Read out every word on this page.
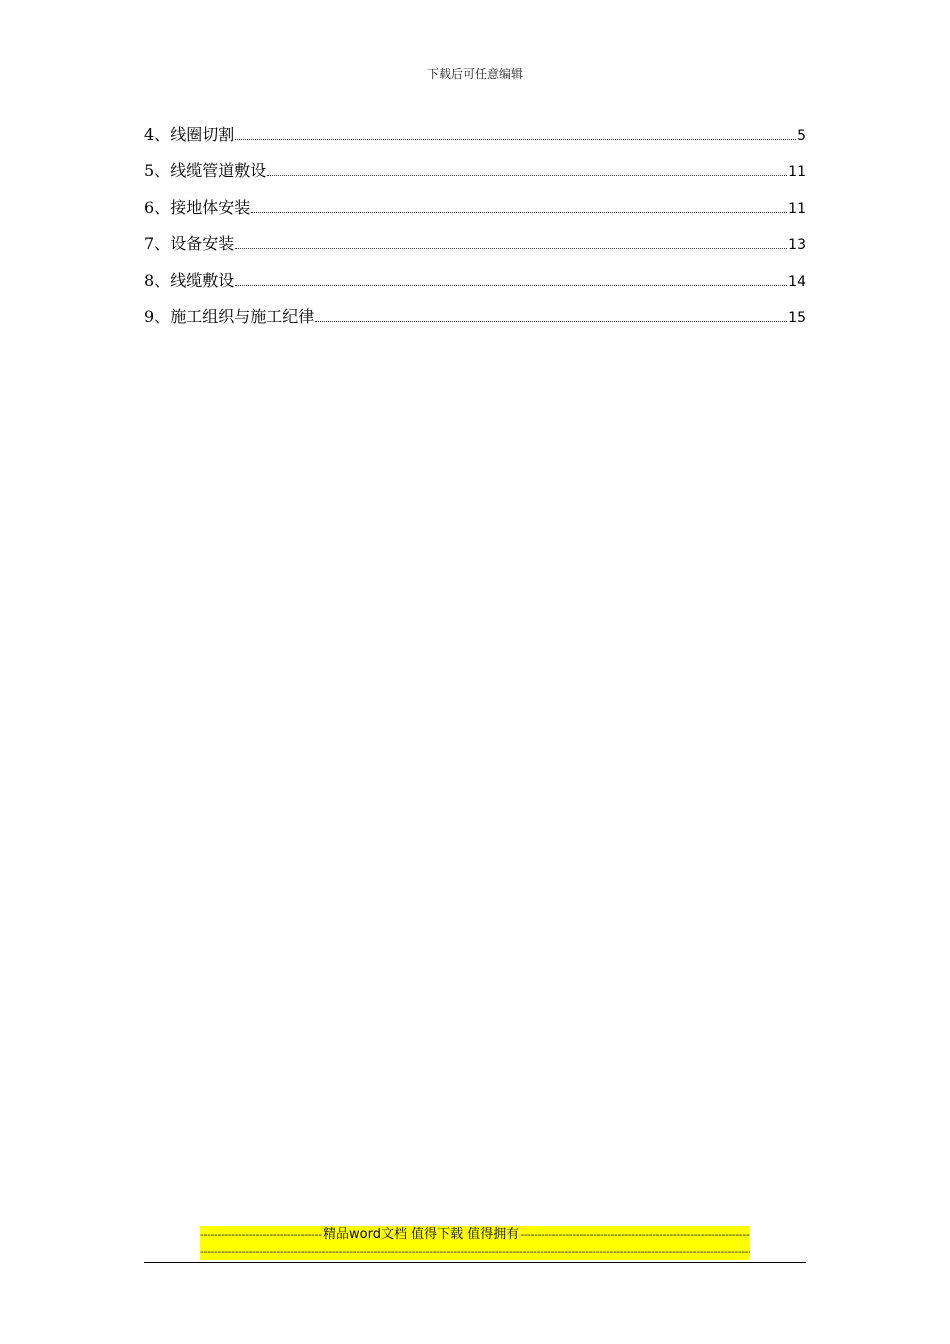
下载后可任意编辑
4、 线圈切割	5
5、 线缆管道敷设	11
6、 接地体安装	11
7、 设备安装	13
8、 线缆敷设	14
9、 施工组织与施工纪律	15
-----
精品word文档 值得下载 值得拥有
-----
-----
